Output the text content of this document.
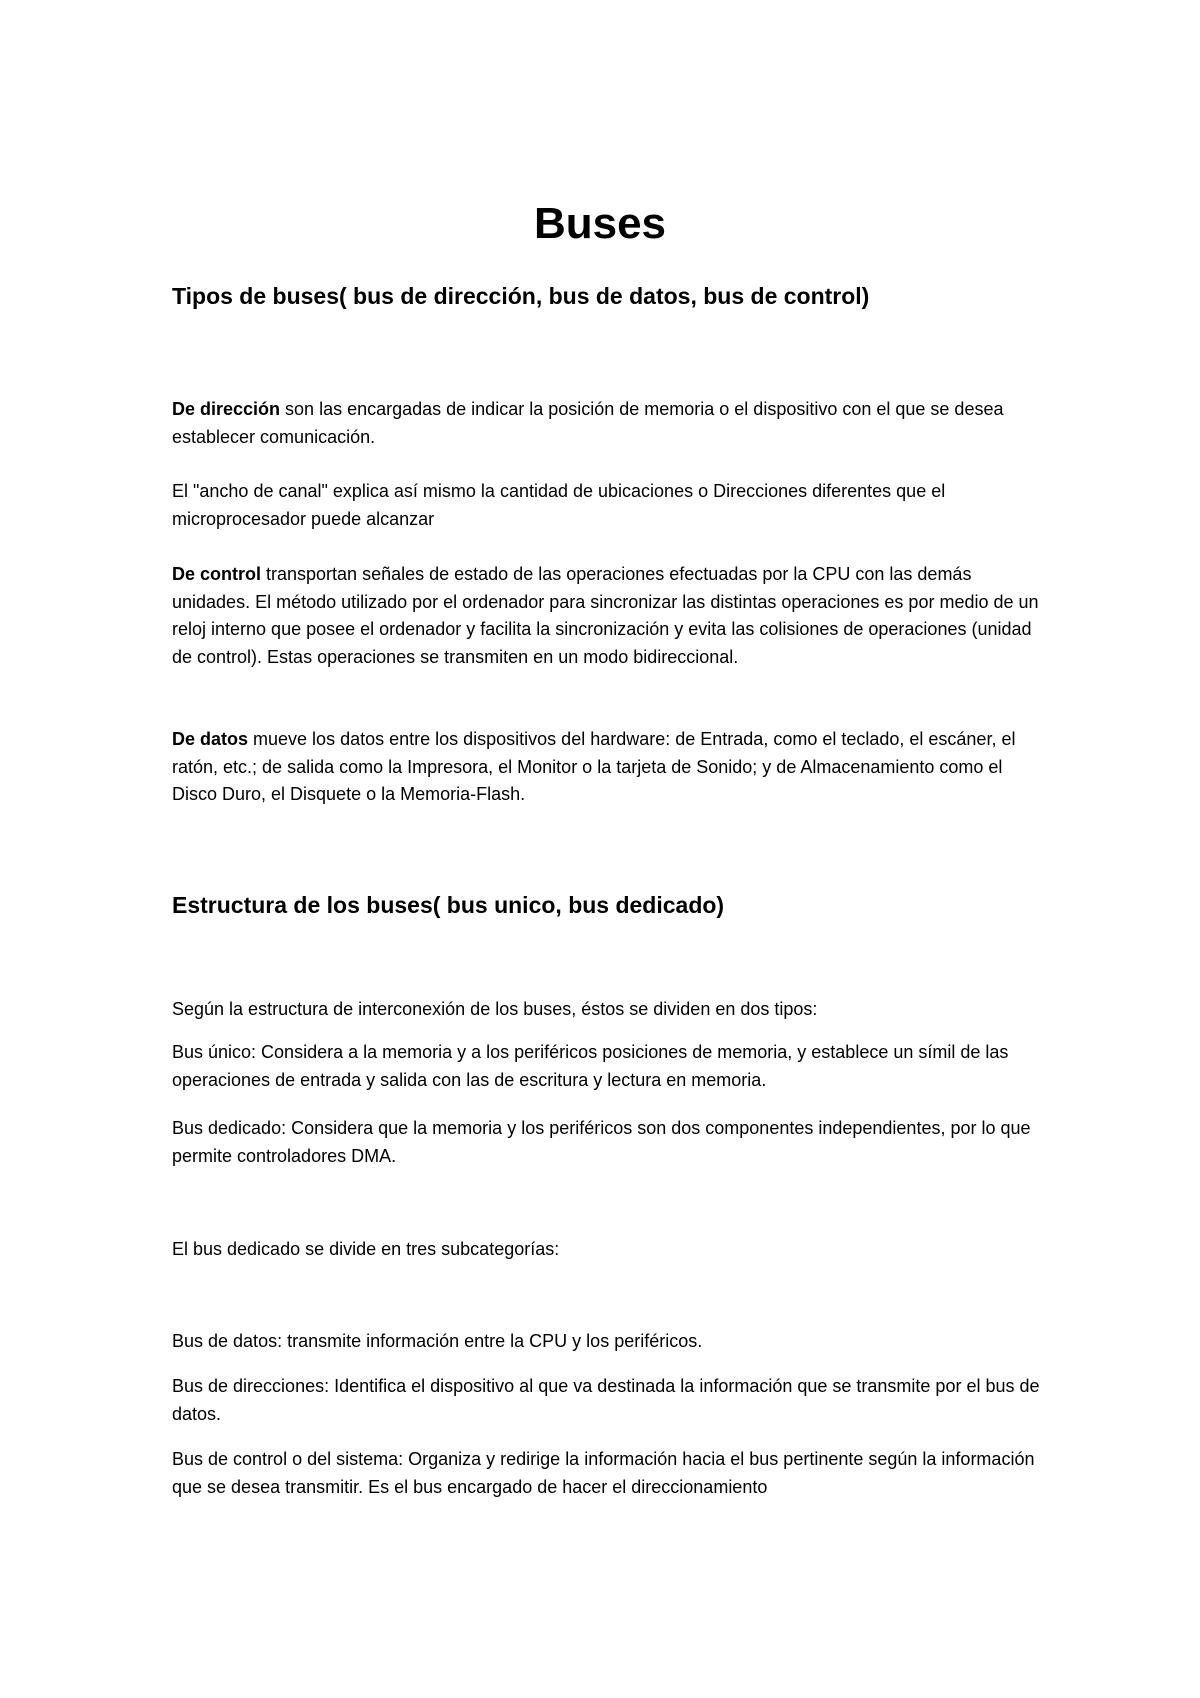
Buses
Tipos de buses( bus de dirección, bus de datos, bus de control)
De dirección son las encargadas de indicar la posición de memoria o el dispositivo con el que se desea establecer comunicación.
El "ancho de canal" explica así mismo la cantidad de ubicaciones o Direcciones diferentes que el microprocesador puede alcanzar
De control transportan señales de estado de las operaciones efectuadas por la CPU con las demás unidades. El método utilizado por el ordenador para sincronizar las distintas operaciones es por medio de un reloj interno que posee el ordenador y facilita la sincronización y evita las colisiones de operaciones (unidad de control). Estas operaciones se transmiten en un modo bidireccional.
De datos mueve los datos entre los dispositivos del hardware: de Entrada, como el teclado, el escáner, el ratón, etc.; de salida como la Impresora, el Monitor o la tarjeta de Sonido; y de Almacenamiento como el Disco Duro, el Disquete o la Memoria-Flash.
Estructura de los buses( bus unico, bus dedicado)
Según la estructura de interconexión de los buses, éstos se dividen en dos tipos:
Bus único: Considera a la memoria y a los periféricos posiciones de memoria, y establece un símil de las operaciones de entrada y salida con las de escritura y lectura en memoria.
Bus dedicado: Considera que la memoria y los periféricos son dos componentes independientes, por lo que permite controladores DMA.
El bus dedicado se divide en tres subcategorías:
Bus de datos: transmite información entre la CPU y los periféricos.
Bus de direcciones: Identifica el dispositivo al que va destinada la información que se transmite por el bus de datos.
Bus de control o del sistema: Organiza y redirige la información hacia el bus pertinente según la información que se desea transmitir. Es el bus encargado de hacer el direccionamiento
